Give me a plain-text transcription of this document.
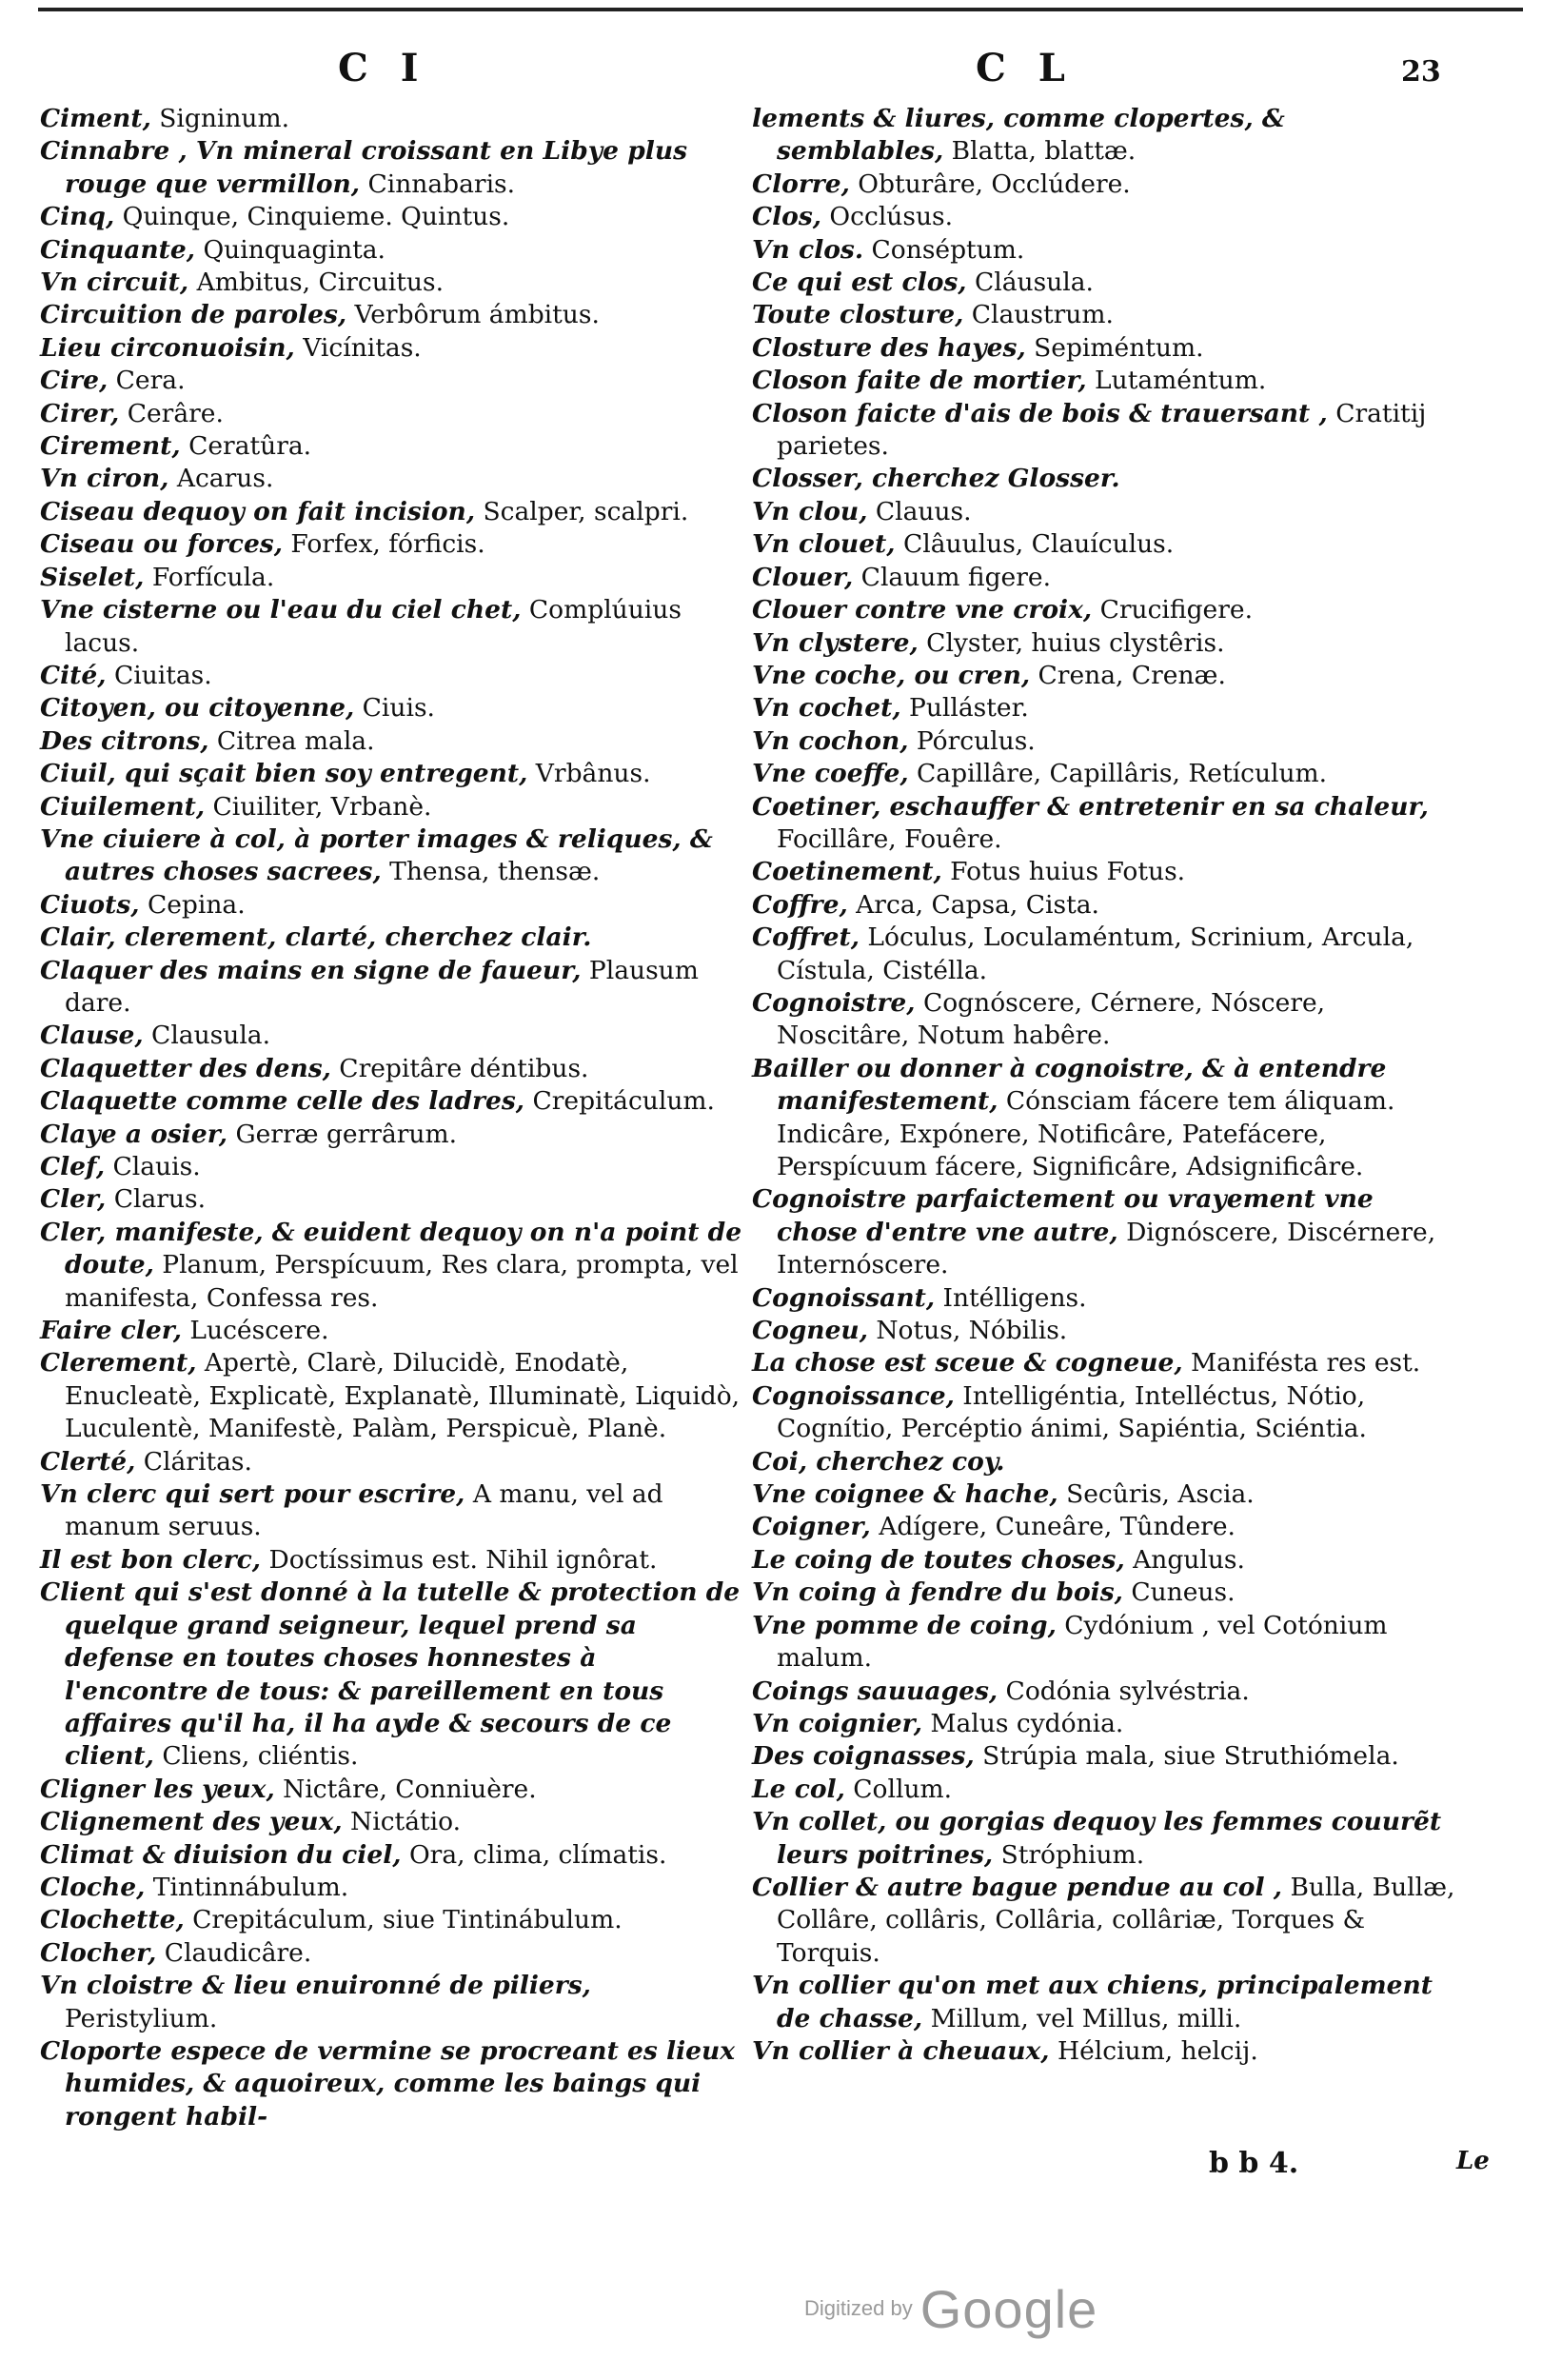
C I	C L	23

Ciment, Signinum.

Cinnabre , Vn mineral croissant en Libye plus rouge que vermillon, Cinnabaris.

Cinq, Quinque, Cinquieme. Quintus.

Cinquante, Quinquaginta.

Vn circuit, Ambitus, Circuitus.

Circuition de paroles, Verbôrum ámbitus.

Lieu circonuoisin, Vicínitas.

Cire, Cera.

Cirer, Cerâre.

Cirement, Ceratûra.

Vn ciron, Acarus.

Ciseau dequoy on fait incision, Scalper, scalpri.

Ciseau ou forces, Forfex, fórficis.

Siselet, Forfícula.

Vne cisterne ou l'eau du ciel chet, Complúuius lacus.

Cité, Ciuitas.

Citoyen, ou citoyenne, Ciuis.

Des citrons, Citrea mala.

Ciuil, qui sçait bien soy entregent, Vrbânus.

Ciuilement, Ciuiliter, Vrbanè.

Vne ciuiere à col, à porter images & reliques, & autres choses sacrees, Thensa, thensæ.

Ciuots, Cepina.

Clair, clerement, clarté, cherchez clair.

Claquer des mains en signe de faueur, Plausum dare.

Clause, Clausula.

Claquetter des dens, Crepitâre déntibus.

Claquette comme celle des ladres, Crepitáculum.

Claye a osier, Gerræ gerrârum.

Clef, Clauis.

Cler, Clarus.

Cler, manifeste, & euident dequoy on n'a point de doute, Planum, Perspícuum, Res clara, prompta, vel manifesta, Confessa res.

Faire cler, Lucéscere.

Clerement, Apertè, Clarè, Dilucidè, Enodatè, Enucleatè, Explicatè, Explanatè, Illuminatè, Liquidò, Luculentè, Manifestè, Palàm, Perspicuè, Planè.

Clerté, Cláritas.

Vn clerc qui sert pour escrire, A manu, vel ad manum seruus.

Il est bon clerc, Doctíssimus est. Nihil ignôrat.

Client qui s'est donné à la tutelle & protection de quelque grand seigneur, lequel prend sa defense en toutes choses honnestes à l'encontre de tous: & pareillement en tous affaires qu'il ha, il ha ayde & secours de ce client, Cliens, cliéntis.

Cligner les yeux, Nictâre, Conniuère.

Clignement des yeux, Nictátio.

Climat & diuision du ciel, Ora, clima, clímatis.

Cloche, Tintinnábulum.

Clochette, Crepitáculum, siue Tintinábulum.

Clocher, Claudicâre.

Vn cloistre & lieu enuironné de piliers, Peristylium.

Cloporte espece de vermine se procreant es lieux humides, & aquoireux, comme les baings qui rongent habil-

lements & liures, comme clopertes, & semblables, Blatta, blattæ.

Clorre, Obturâre, Occlúdere.

Clos, Occlúsus.

Vn clos. Conséptum.

Ce qui est clos, Cláusula.

Toute closture, Claustrum.

Closture des hayes, Sepiméntum.

Closon faite de mortier, Lutaméntum.

Closon faicte d'ais de bois & trauersant , Cratitij parietes.

Closser, cherchez Glosser.

Vn clou, Clauus.

Vn clouet, Clâuulus, Clauículus.

Clouer, Clauum figere.

Clouer contre vne croix, Crucifigere.

Vn clystere, Clyster, huius clystêris.

Vne coche, ou cren, Crena, Crenæ.

Vn cochet, Pulláster.

Vn cochon, Pórculus.

Vne coeffe, Capillâre, Capillâris, Retículum.

Coetiner, eschauffer & entretenir en sa chaleur, Focillâre, Fouêre.

Coetinement, Fotus huius Fotus.

Coffre, Arca, Capsa, Cista.

Coffret, Lóculus, Loculaméntum, Scrinium, Arcula, Cístula, Cistélla.

Cognoistre, Cognóscere, Cérnere, Nóscere, Noscitâre, Notum habêre.

Bailler ou donner à cognoistre, & à entendre manifestement, Cónsciam fácere tem áliquam. Indicâre, Expónere, Notificâre, Patefácere, Perspícuum fácere, Significâre, Adsignificâre.

Cognoistre parfaictement ou vrayement vne chose d'entre vne autre, Dignóscere, Discérnere, Internóscere.

Cognoissant, Intélligens.

Cogneu, Notus, Nóbilis.

La chose est sceue & cogneue, Manifésta res est.

Cognoissance, Intelligéntia, Intelléctus, Nótio, Cognítio, Percéptio ánimi, Sapiéntia, Sciéntia.

Coi, cherchez coy.

Vne coignee & hache, Secûris, Ascia.

Coigner, Adígere, Cuneâre, Tûndere.

Le coing de toutes choses, Angulus.

Vn coing à fendre du bois, Cuneus.

Vne pomme de coing, Cydónium , vel Cotónium malum.

Coings sauuages, Codónia sylvéstria.

Vn coignier, Malus cydónia.

Des coignasses, Strúpia mala, siue Struthiómela.

Le col, Collum.

Vn collet, ou gorgias dequoy les femmes couurẽt leurs poitrines, Stróphium.

Collier & autre bague pendue au col , Bulla, Bullæ, Collâre, collâris, Collâria, collâriæ, Torques & Torquis.

Vn collier qu'on met aux chiens, principalement de chasse, Millum, vel Millus, milli.

Vn collier à cheuaux, Hélcium, helcij.

b b 4.	Le
Digitized by Google
